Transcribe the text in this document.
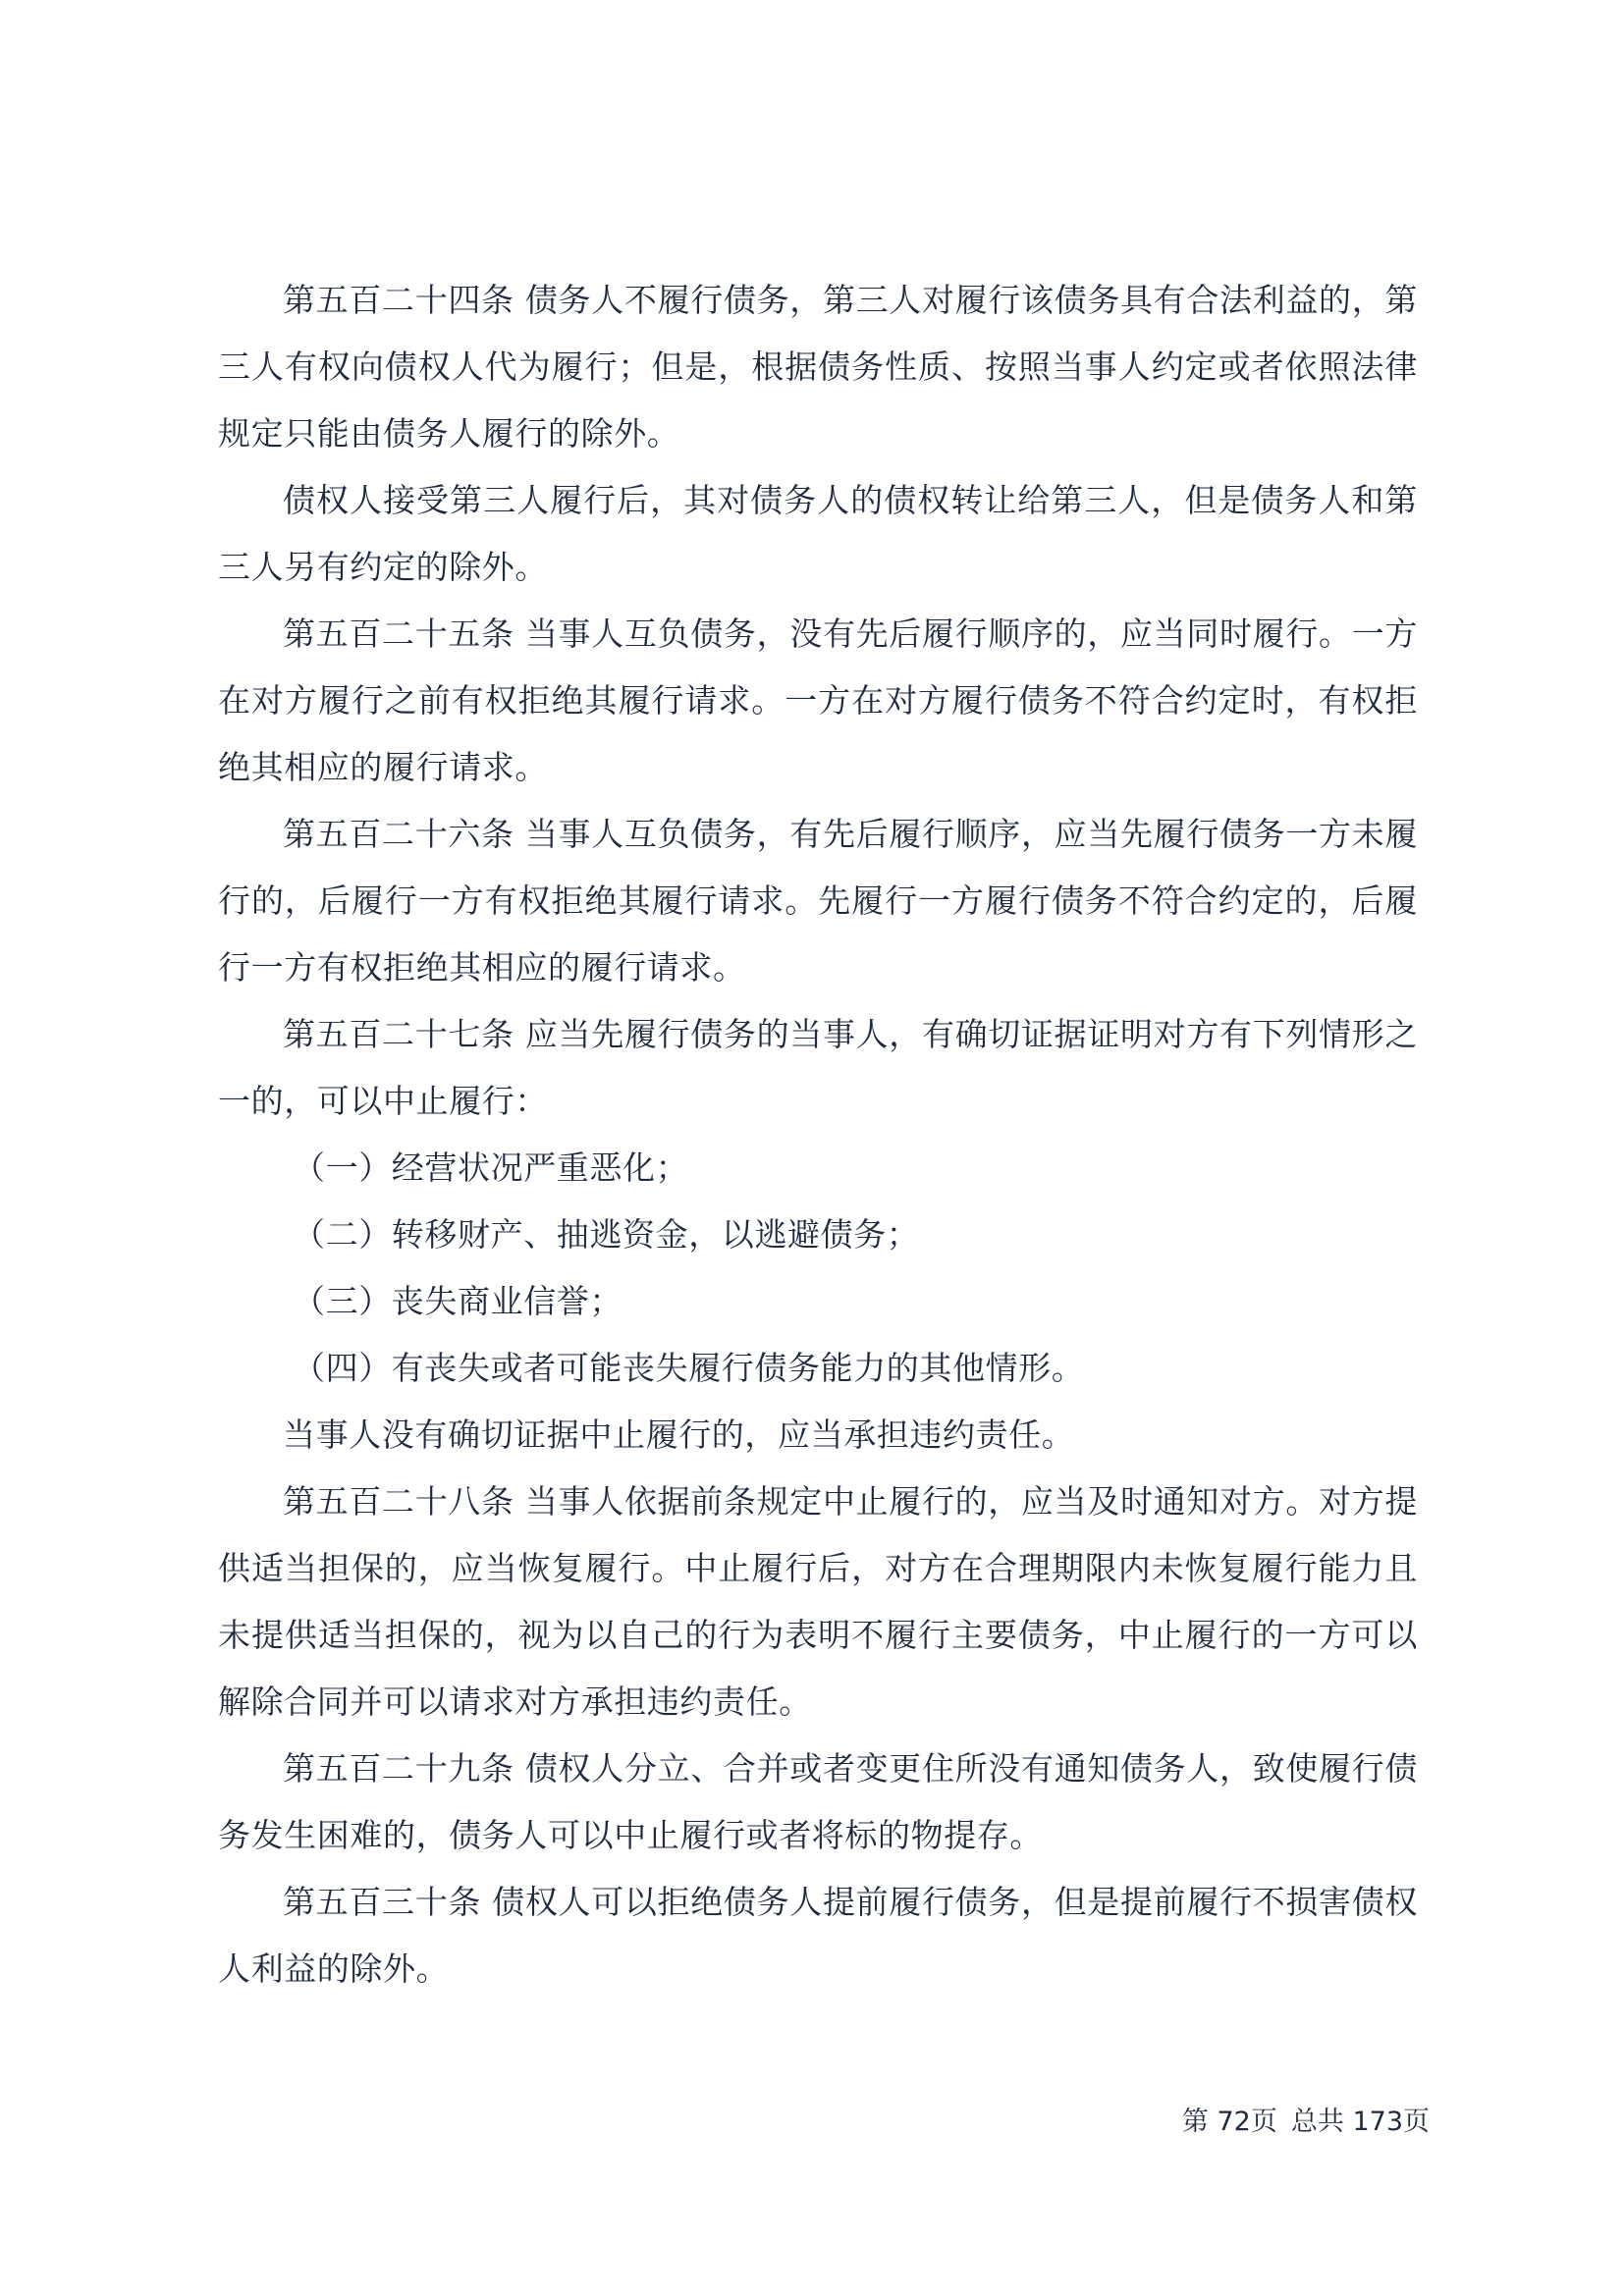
第五百二十四条 债务人不履行债务，第三人对履行该债务具有合法利益的，第三人有权向债权人代为履行；但是，根据债务性质、按照当事人约定或者依照法律规定只能由债务人履行的除外。

债权人接受第三人履行后，其对债务人的债权转让给第三人，但是债务人和第三人另有约定的除外。

第五百二十五条 当事人互负债务，没有先后履行顺序的，应当同时履行。一方在对方履行之前有权拒绝其履行请求。一方在对方履行债务不符合约定时，有权拒绝其相应的履行请求。

第五百二十六条 当事人互负债务，有先后履行顺序，应当先履行债务一方未履行的，后履行一方有权拒绝其履行请求。先履行一方履行债务不符合约定的，后履行一方有权拒绝其相应的履行请求。

第五百二十七条 应当先履行债务的当事人，有确切证据证明对方有下列情形之一的，可以中止履行：

（一）经营状况严重恶化；

（二）转移财产、抽逃资金，以逃避债务；

（三）丧失商业信誉；

（四）有丧失或者可能丧失履行债务能力的其他情形。

当事人没有确切证据中止履行的，应当承担违约责任。

第五百二十八条 当事人依据前条规定中止履行的，应当及时通知对方。对方提供适当担保的，应当恢复履行。中止履行后，对方在合理期限内未恢复履行能力且未提供适当担保的，视为以自己的行为表明不履行主要债务，中止履行的一方可以解除合同并可以请求对方承担违约责任。

第五百二十九条 债权人分立、合并或者变更住所没有通知债务人，致使履行债务发生困难的，债务人可以中止履行或者将标的物提存。

第五百三十条 债权人可以拒绝债务人提前履行债务，但是提前履行不损害债权人利益的除外。

第 72页 总共 173页
